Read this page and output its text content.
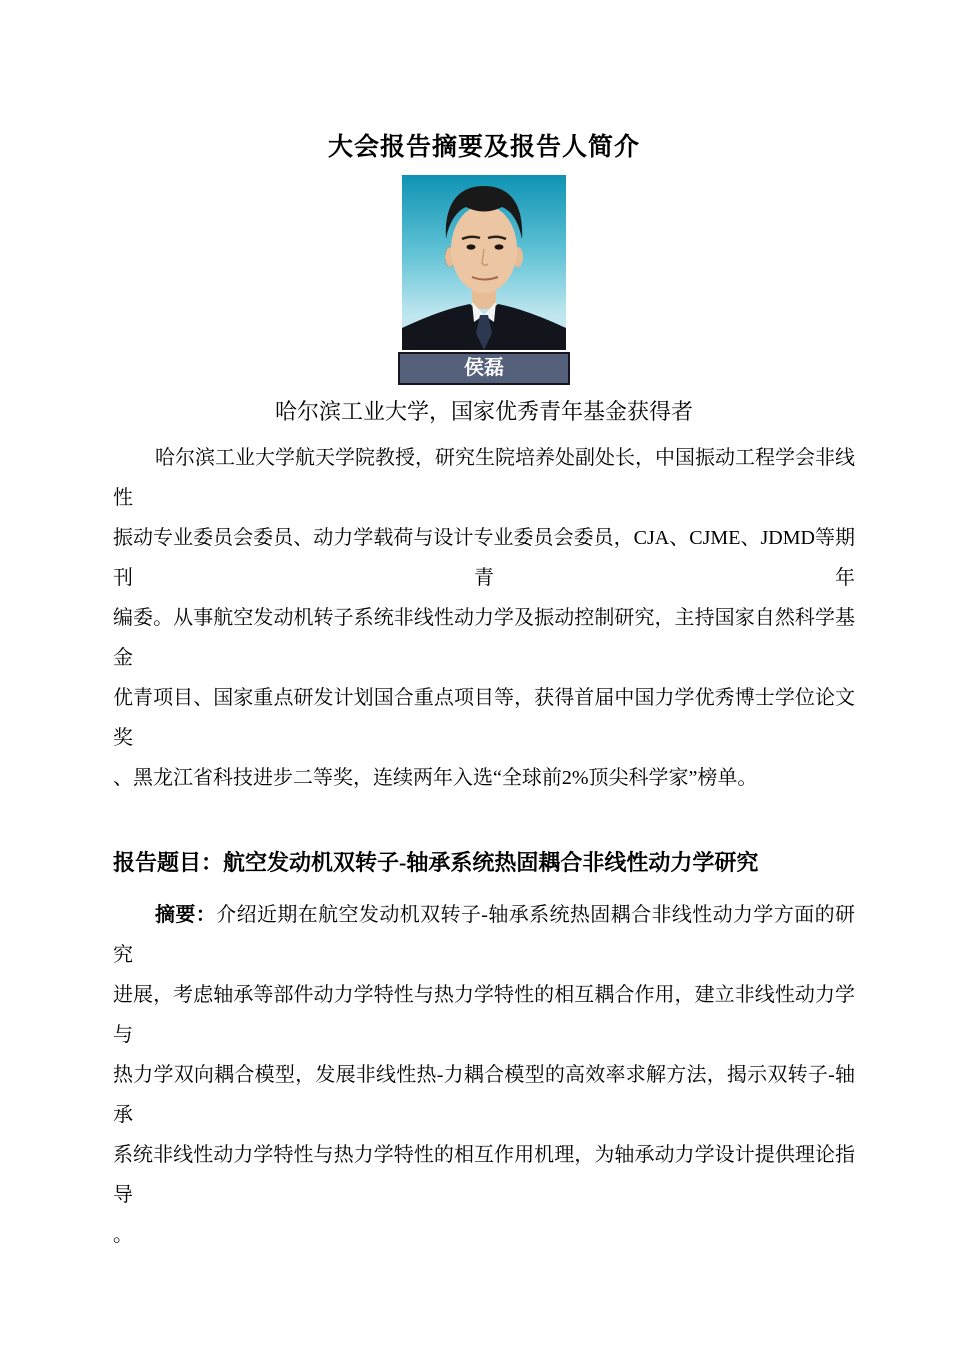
大会报告摘要及报告人简介
侯磊
哈尔滨工业大学，国家优秀青年基金获得者
哈尔滨工业大学航天学院教授，研究生院培养处副处长，中国振动工程学会非线性
振动专业委员会委员、动力学载荷与设计专业委员会委员，CJA、CJME、JDMD等期刊青年
编委。从事航空发动机转子系统非线性动力学及振动控制研究，主持国家自然科学基金
优青项目、国家重点研发计划国合重点项目等，获得首届中国力学优秀博士学位论文奖
、黑龙江省科技进步二等奖，连续两年入选“全球前2%顶尖科学家”榜单。
报告题目：航空发动机双转子-轴承系统热固耦合非线性动力学研究
摘要：介绍近期在航空发动机双转子-轴承系统热固耦合非线性动力学方面的研究
进展，考虑轴承等部件动力学特性与热力学特性的相互耦合作用，建立非线性动力学与
热力学双向耦合模型，发展非线性热-力耦合模型的高效率求解方法，揭示双转子-轴承
系统非线性动力学特性与热力学特性的相互作用机理，为轴承动力学设计提供理论指导
。
